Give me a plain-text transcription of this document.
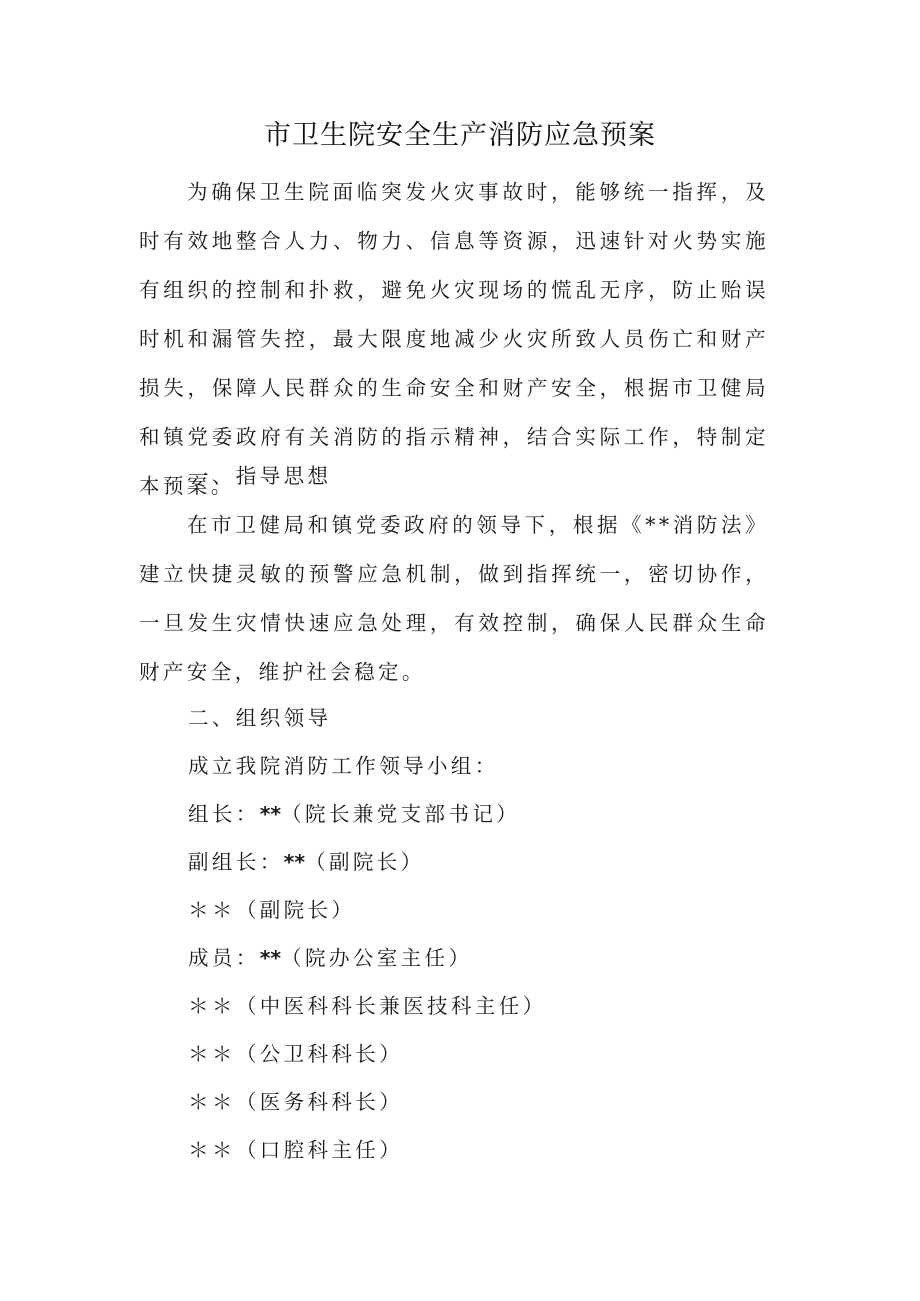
市卫生院安全生产消防应急预案

为确保卫生院面临突发火灾事故时，能够统一指挥，及时有效地整合人力、物力、信息等资源，迅速针对火势实施有组织的控制和扑救，避免火灾现场的慌乱无序，防止贻误时机和漏管失控，最大限度地减少火灾所致人员伤亡和财产损失，保障人民群众的生命安全和财产安全，根据市卫健局和镇党委政府有关消防的指示精神，结合实际工作，特制定本预案。

一、指导思想

在市卫健局和镇党委政府的领导下，根据《**消防法》建立快捷灵敏的预警应急机制，做到指挥统一，密切协作，一旦发生灾情快速应急处理，有效控制，确保人民群众生命财产安全，维护社会稳定。

二、组织领导

成立我院消防工作领导小组：

组长：**（院长兼党支部书记）

副组长：**（副院长）

＊＊（副院长）

成员：**（院办公室主任）

＊＊（中医科科长兼医技科主任）

＊＊（公卫科科长）

＊＊（医务科科长）

＊＊（口腔科主任）
